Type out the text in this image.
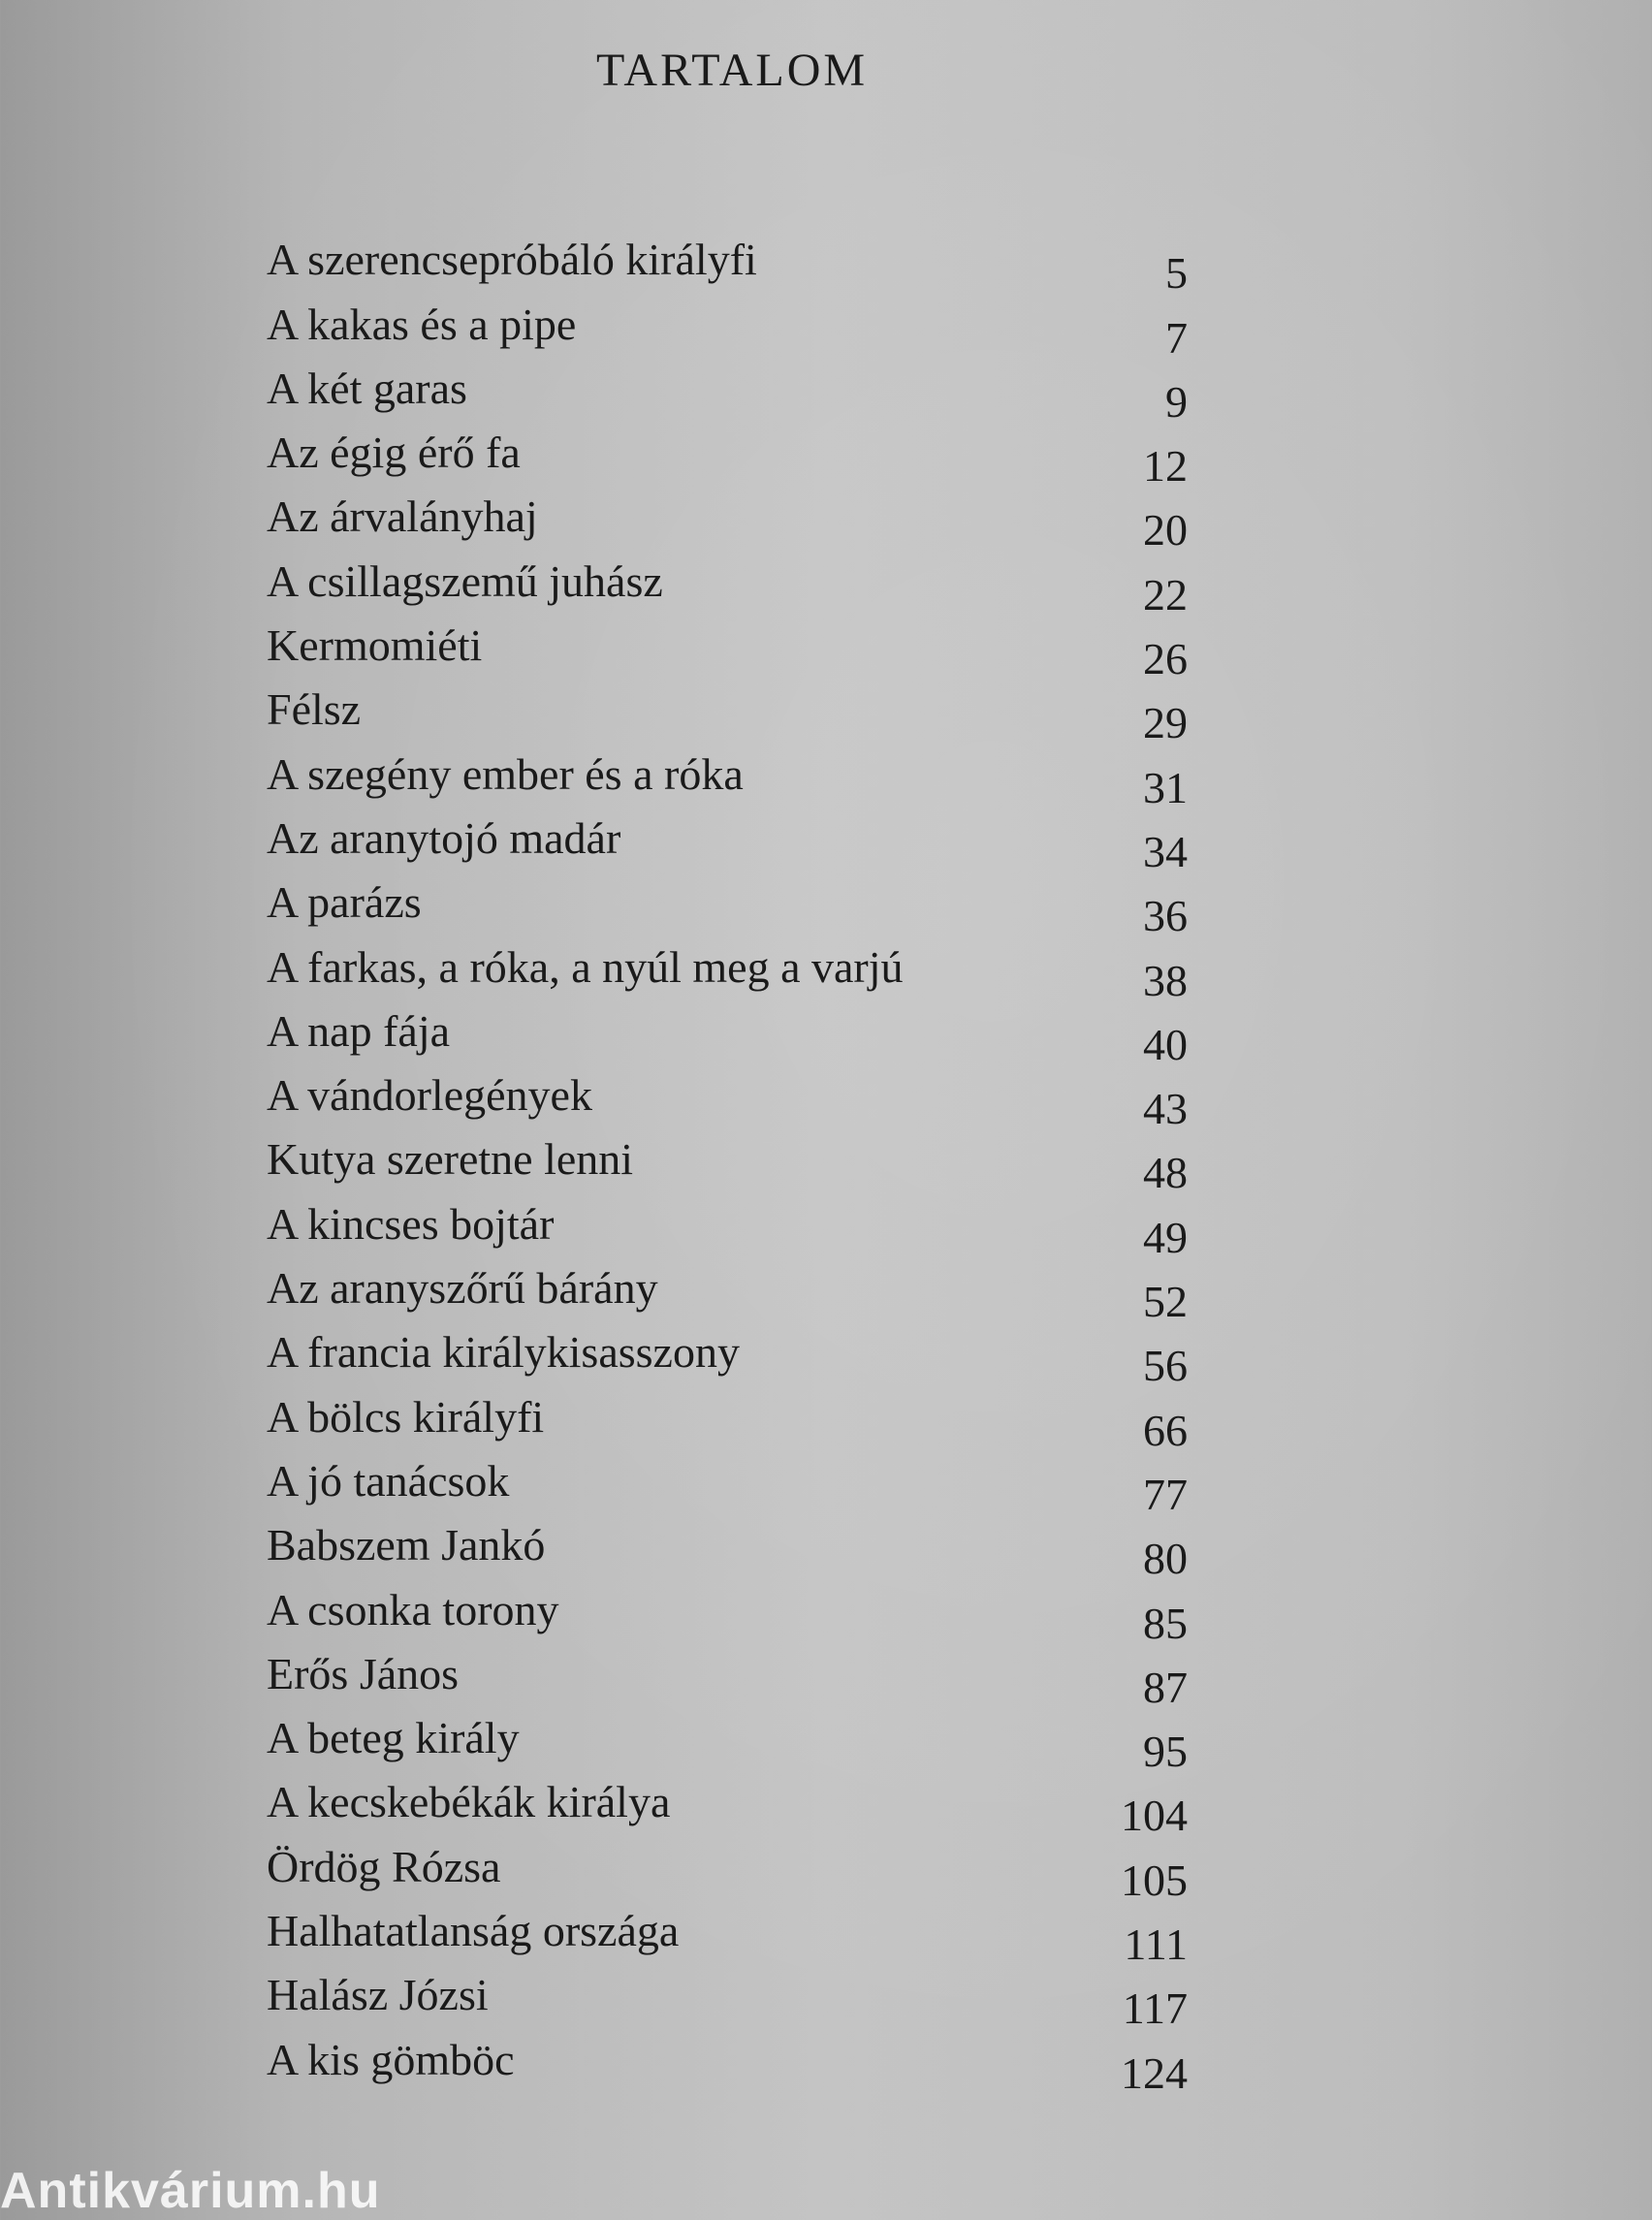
TARTALOM
A szerencsepróbáló királyfi	5
A kakas és a pipe	7
A két garas	9
Az égig érő fa	12
Az árvalányhaj	20
A csillagszemű juhász	22
Kermomiéti	26
Félsz	29
A szegény ember és a róka	31
Az aranytojó madár	34
A parázs	36
A farkas, a róka, a nyúl meg a varjú	38
A nap fája	40
A vándorlegények	43
Kutya szeretne lenni	48
A kincses bojtár	49
Az aranyszőrű bárány	52
A francia királykisasszony	56
A bölcs királyfi	66
A jó tanácsok	77
Babszem Jankó	80
A csonka torony	85
Erős János	87
A beteg király	95
A kecskebékák királya	104
Ördög Rózsa	105
Halhatatlanság országa	111
Halász Józsi	117
A kis gömböc	124
Antikvárium.hu
